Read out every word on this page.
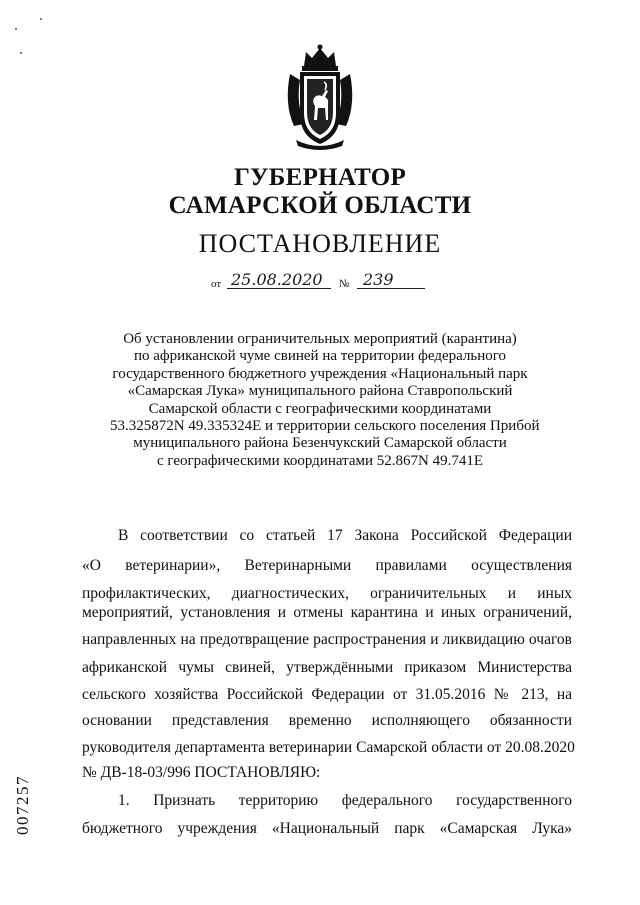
ГУБЕРНАТОР
САМАРСКОЙ ОБЛАСТИ
ПОСТАНОВЛЕНИЕ
от 25.08.2020 № 239
Об установлении ограничительных мероприятий (карантина)
по африканской чуме свиней на территории федерального
государственного бюджетного учреждения «Национальный парк
«Самарская Лука» муниципального района Ставропольский
Самарской области с географическими координатами
53.325872N 49.335324E и территории сельского поселения Прибой
муниципального района Безенчукский Самарской области
с географическими координатами 52.867N 49.741E
В соответствии со статьей 17 Закона Российской Федерации
«О ветеринарии», Ветеринарными правилами осуществления
профилактических, диагностических, ограничительных и иных
мероприятий, установления и отмены карантина и иных ограничений,
направленных на предотвращение распространения и ликвидацию очагов
африканской чумы свиней, утверждёнными приказом Министерства
сельского хозяйства Российской Федерации от 31.05.2016 № 213, на
основании представления временно исполняющего обязанности
руководителя департамента ветеринарии Самарской области от 20.08.2020
№ ДВ-18-03/996 ПОСТАНОВЛЯЮ:
1. Признать территорию федерального государственного
бюджетного учреждения «Национальный парк «Самарская Лука»
007257
